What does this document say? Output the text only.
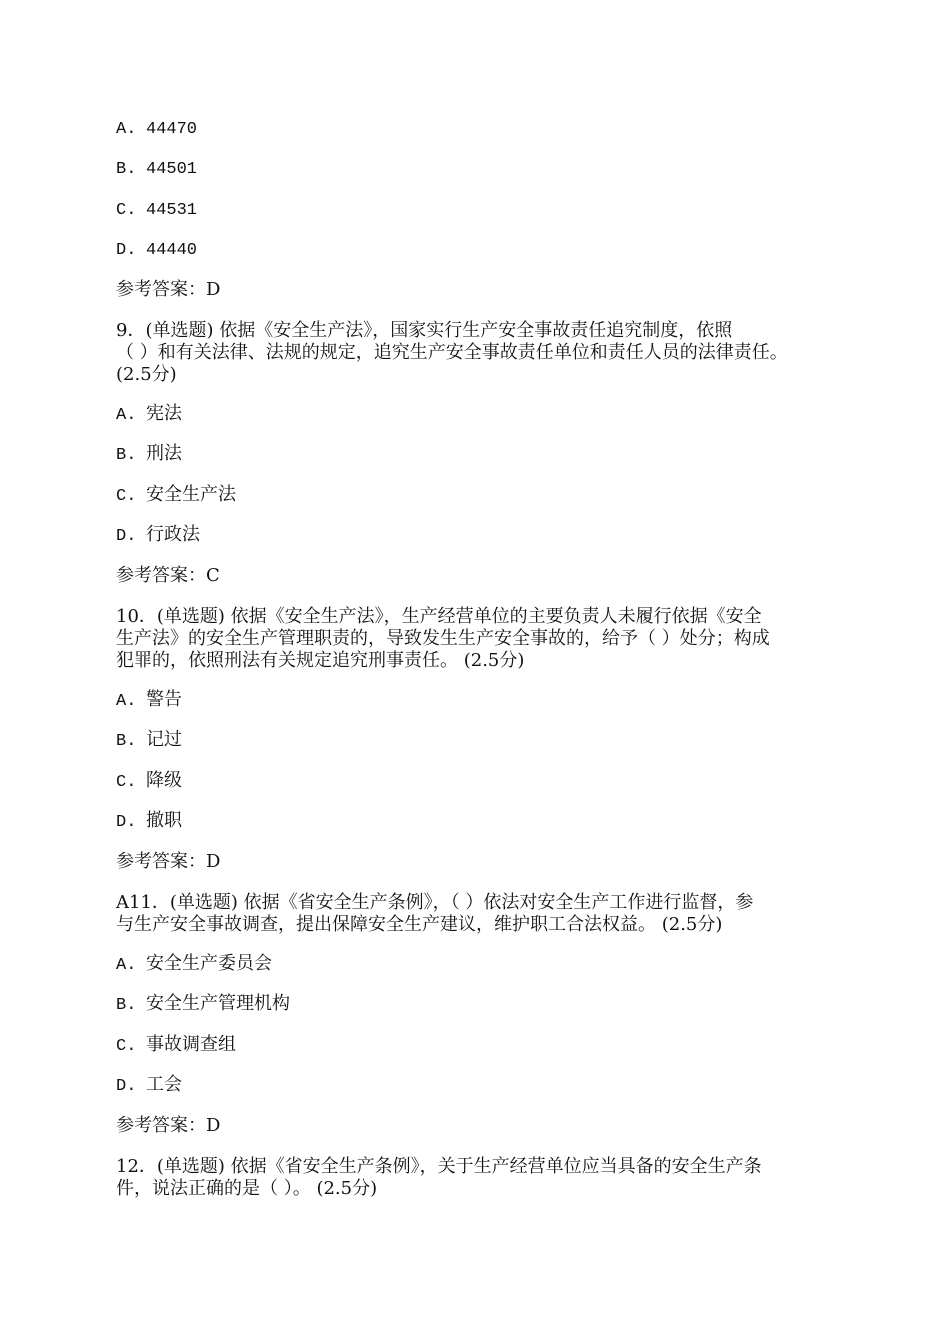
A. 44470
B. 44501
C. 44531
D. 44440
参考答案：D
9．(单选题) 依据《安全生产法》，国家实行生产安全事故责任追究制度，依照
（ ）和有关法律、法规的规定，追究生产安全事故责任单位和责任人员的法律责任。
(2.5分)
A. 宪法
B. 刑法
C. 安全生产法
D. 行政法
参考答案：C
10．(单选题) 依据《安全生产法》，生产经营单位的主要负责人未履行依据《安全
生产法》的安全生产管理职责的，导致发生生产安全事故的，给予（ ）处分；构成
犯罪的，依照刑法有关规定追究刑事责任。 (2.5分)
A. 警告
B. 记过
C. 降级
D. 撤职
参考答案：D
A11．(单选题) 依据《省安全生产条例》，（ ）依法对安全生产工作进行监督，参
与生产安全事故调查，提出保障安全生产建议，维护职工合法权益。 (2.5分)
A. 安全生产委员会
B. 安全生产管理机构
C. 事故调查组
D. 工会
参考答案：D
12．(单选题) 依据《省安全生产条例》，关于生产经营单位应当具备的安全生产条
件，说法正确的是（ ）。 (2.5分)
